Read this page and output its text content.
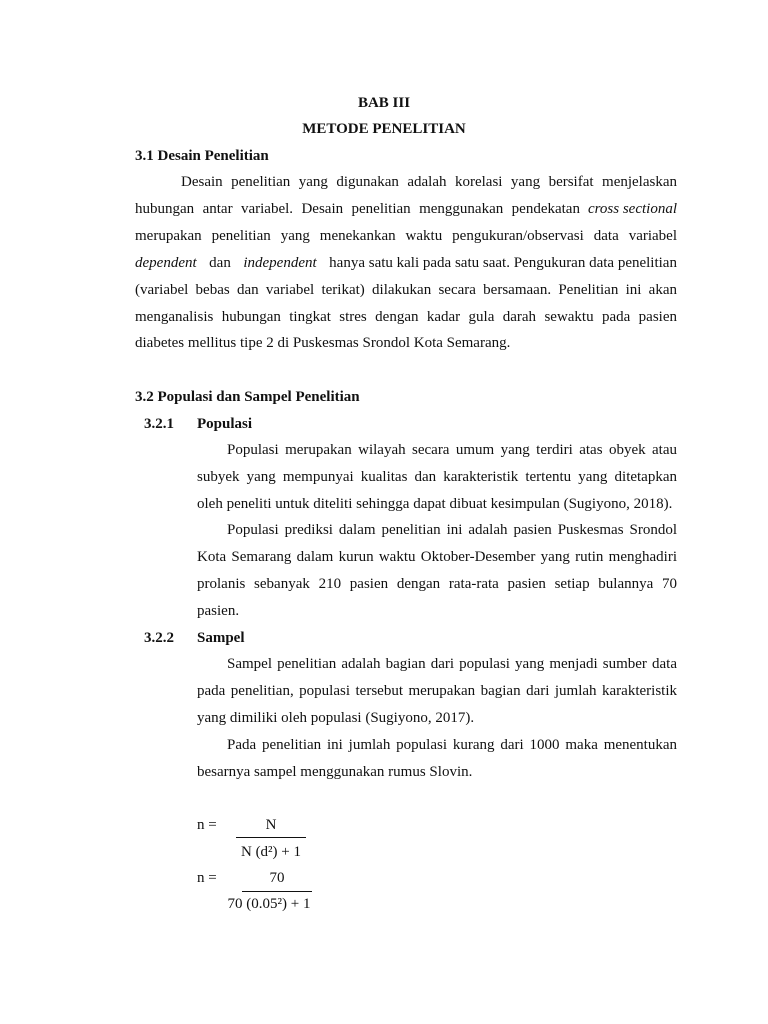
BAB III
METODE PENELITIAN
3.1 Desain Penelitian
Desain penelitian yang digunakan adalah korelasi yang bersifat menjelaskan
hubungan antar variabel. Desain penelitian menggunakan pendekatan cross sectional
merupakan penelitian yang menekankan waktu pengukuran/observasi data variabel
dependent dan independent hanya satu kali pada satu saat. Pengukuran data penelitian
(variabel bebas dan variabel terikat) dilakukan secara bersamaan. Penelitian ini akan
menganalisis hubungan tingkat stres dengan kadar gula darah sewaktu pada pasien
diabetes mellitus tipe 2 di Puskesmas Srondol Kota Semarang.
3.2 Populasi dan Sampel Penelitian
3.2.1 Populasi
Populasi merupakan wilayah secara umum yang terdiri atas obyek atau
subyek yang mempunyai kualitas dan karakteristik tertentu yang ditetapkan
oleh peneliti untuk diteliti sehingga dapat dibuat kesimpulan (Sugiyono, 2018).
Populasi prediksi dalam penelitian ini adalah pasien Puskesmas Srondol
Kota Semarang dalam kurun waktu Oktober-Desember yang rutin menghadiri
prolanis sebanyak 210 pasien dengan rata-rata pasien setiap bulannya 70
pasien.
3.2.2 Sampel
Sampel penelitian adalah bagian dari populasi yang menjadi sumber data
pada penelitian, populasi tersebut merupakan bagian dari jumlah karakteristik
yang dimiliki oleh populasi (Sugiyono, 2017).
Pada penelitian ini jumlah populasi kurang dari 1000 maka menentukan
besarnya sampel menggunakan rumus Slovin.
n =	N
N (d²) + 1
n =	70
70 (0.05²) + 1
